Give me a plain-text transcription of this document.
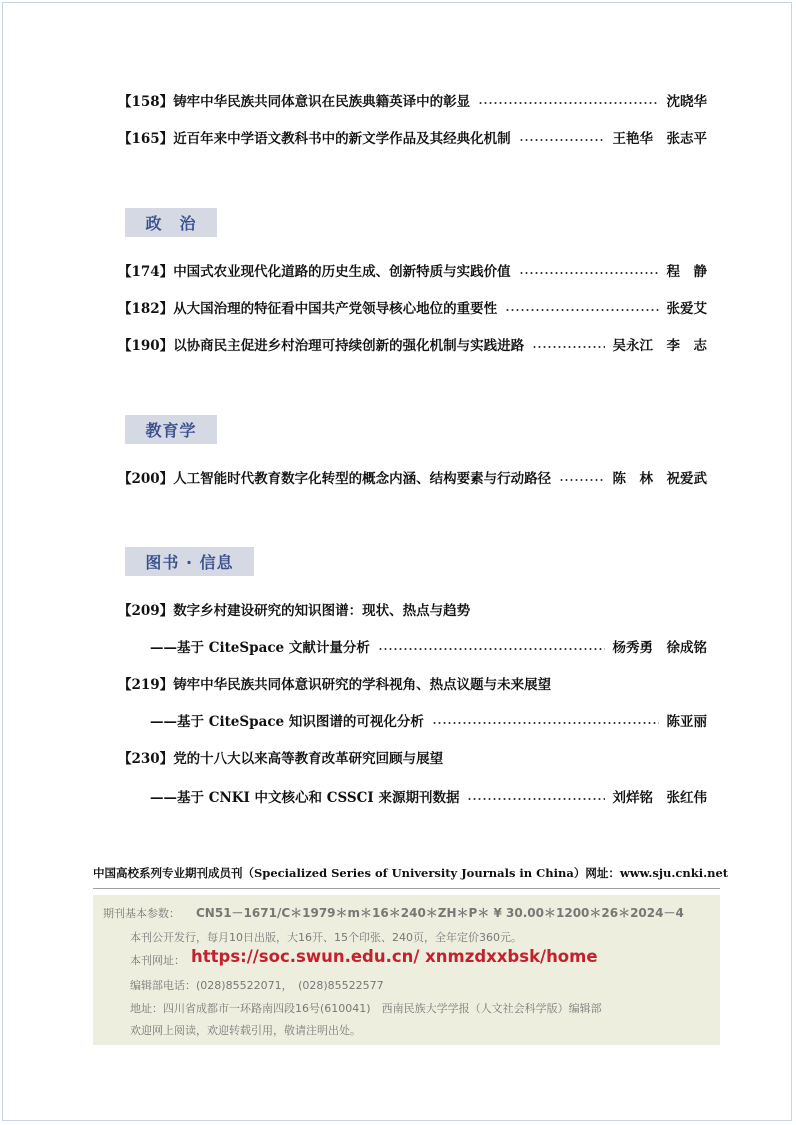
【158】 铸牢中华民族共同体意识在民族典籍英译中的彰显	沈晓华
【165】 近百年来中学语文教科书中的新文学作品及其经典化机制	王艳华　张志平
政　治
【174】 中国式农业现代化道路的历史生成、创新特质与实践价值	程　静
【182】 从大国治理的特征看中国共产党领导核心地位的重要性	张爱艾
【190】 以协商民主促进乡村治理可持续创新的强化机制与实践进路	吴永江　李　志
教育学
【200】 人工智能时代教育数字化转型的概念内涵、结构要素与行动路径	陈　林　祝爱武
图书 · 信息
【209】 数字乡村建设研究的知识图谱：现状、热点与趋势
——基于 CiteSpace 文献计量分析	杨秀勇　徐成铭
【219】 铸牢中华民族共同体意识研究的学科视角、热点议题与未来展望
——基于 CiteSpace 知识图谱的可视化分析	陈亚丽
【230】 党的十八大以来高等教育改革研究回顾与展望
——基于 CNKI 中文核心和 CSSCI 来源期刊数据	刘烊铭　张红伟
中国高校系列专业期刊成员刊（Specialized Series of University Journals in China）网址：www.sju.cnki.net
期刊基本参数： CN51－1671/C＊1979＊m＊16＊240＊ZH＊P＊ ¥ 30.00＊1200＊26＊2024－4
本刊公开发行，每月10日出版，大16开、15个印张、240页，全年定价360元。
本刊网址： https://soc.swun.edu.cn/ xnmzdxxbsk/home
编辑部电话：(028)85522071，　(028)85522577
地址：四川省成都市一环路南四段16号(610041)　西南民族大学学报（人文社会科学版）编辑部
欢迎网上阅读，欢迎转载引用，敬请注明出处。
